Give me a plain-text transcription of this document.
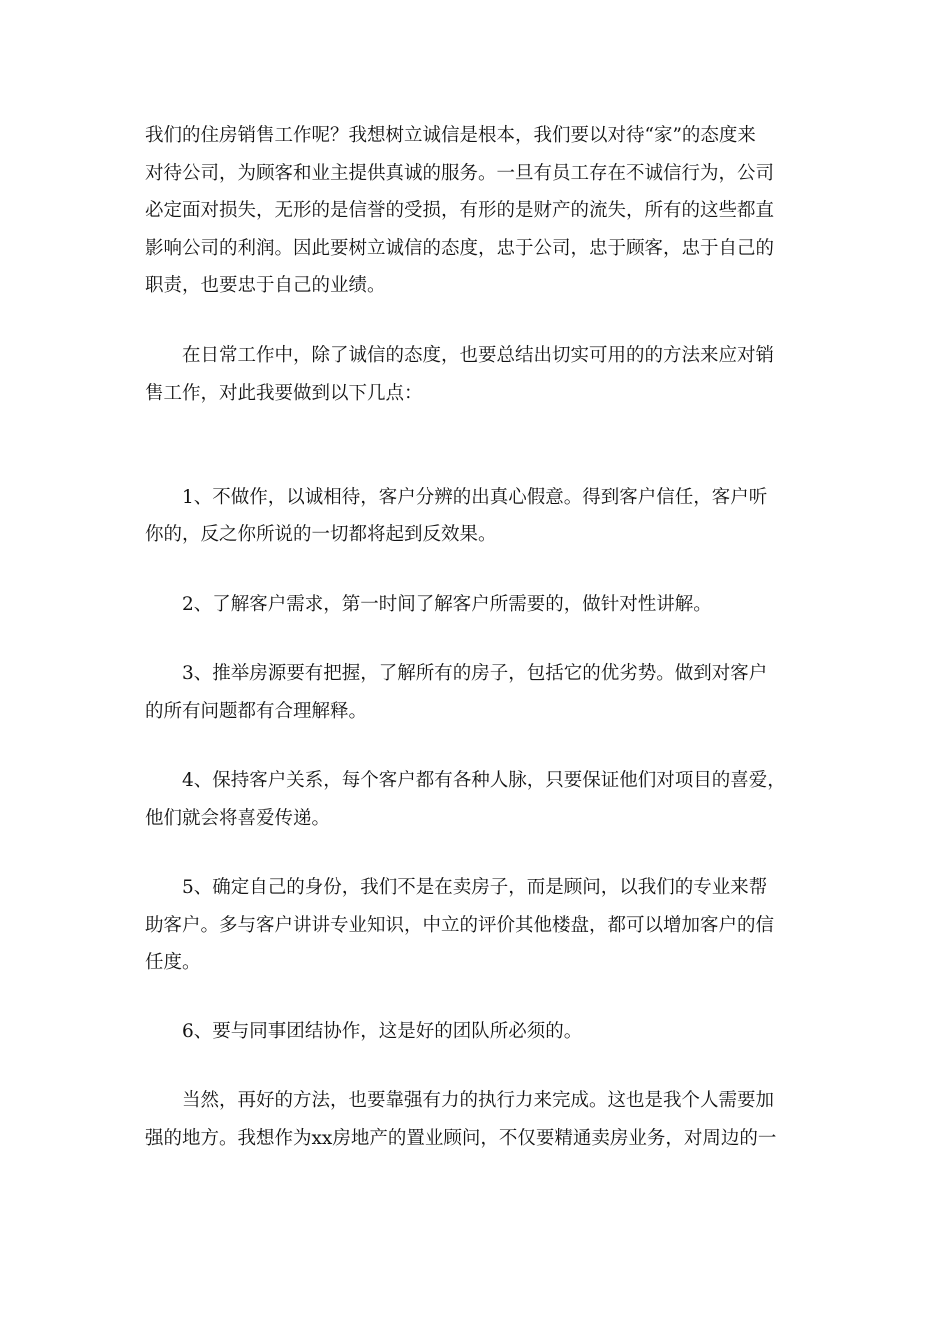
我们的住房销售工作呢？我想树立诚信是根本，我们要以对待“家”的态度来
对待公司，为顾客和业主提供真诚的服务。一旦有员工存在不诚信行为，公司
必定面对损失，无形的是信誉的受损，有形的是财产的流失，所有的这些都直
影响公司的利润。因此要树立诚信的态度，忠于公司，忠于顾客，忠于自己的
职责，也要忠于自己的业绩。
　　在日常工作中，除了诚信的态度，也要总结出切实可用的的方法来应对销
售工作，对此我要做到以下几点：
　　1、不做作，以诚相待，客户分辨的出真心假意。得到客户信任，客户听
你的，反之你所说的一切都将起到反效果。
　　2、了解客户需求，第一时间了解客户所需要的，做针对性讲解。
　　3、推举房源要有把握，了解所有的房子，包括它的优劣势。做到对客户
的所有问题都有合理解释。
　　4、保持客户关系，每个客户都有各种人脉，只要保证他们对项目的喜爱，
他们就会将喜爱传递。
　　5、确定自己的身份，我们不是在卖房子，而是顾问，以我们的专业来帮
助客户。多与客户讲讲专业知识，中立的评价其他楼盘，都可以增加客户的信
任度。
　　6、要与同事团结协作，这是好的团队所必须的。
　　当然，再好的方法，也要靠强有力的执行力来完成。这也是我个人需要加
强的地方。我想作为xx房地产的置业顾问，不仅要精通卖房业务，对周边的一
